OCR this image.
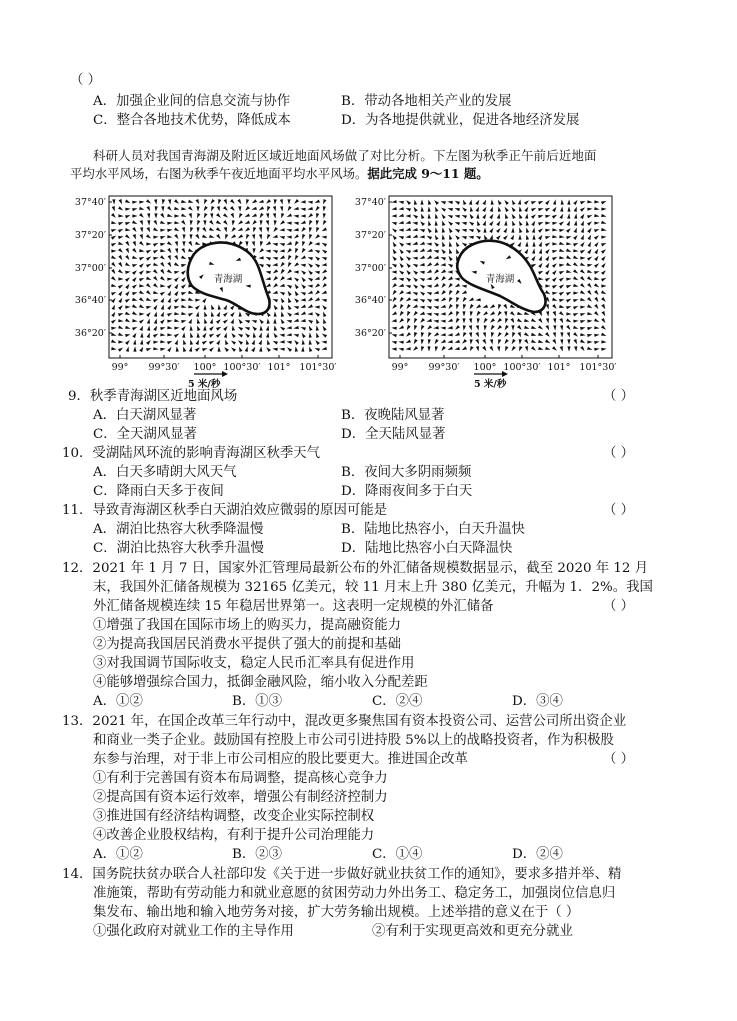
（ ）
A．加强企业间的信息交流与协作	B．带动各地相关产业的发展
C．整合各地技术优势，降低成本	D．为各地提供就业，促进各地经济发展
科研人员对我国青海湖及附近区域近地面风场做了对比分析。下左图为秋季正午前后近地面
平均水平风场，右图为秋季午夜近地面平均水平风场。据此完成 9～11 题。
37°40′
37°20′
37°00′
36°40′
36°20′
99° 99°30′ 100° 100°30′ 101° 101°30′
青海湖
5 米/秒
37°40′
37°20′
37°00′
36°40′
36°20′
99° 99°30′ 100° 100°30′ 101° 101°30′
青海湖
5 米/秒
9．秋季青海湖区近地面风场	（ ）
A．白天湖风显著	B．夜晚陆风显著
C．全天湖风显著	D．全天陆风显著
10．受湖陆风环流的影响青海湖区秋季天气	（ ）
A．白天多晴朗大风天气	B．夜间大多阴雨频频
C．降雨白天多于夜间	D．降雨夜间多于白天
11．导致青海湖区秋季白天湖泊效应微弱的原因可能是	（ ）
A．湖泊比热容大秋季降温慢	B．陆地比热容小，白天升温快
C．湖泊比热容大秋季升温慢	D．陆地比热容小白天降温快
12．2021 年 1 月 7 日，国家外汇管理局最新公布的外汇储备规模数据显示，截至 2020 年 12 月
末，我国外汇储备规模为 32165 亿美元，较 11 月末上升 380 亿美元，升幅为 1．2%。我国
外汇储备规模连续 15 年稳居世界第一。这表明一定规模的外汇储备	（ ）
①增强了我国在国际市场上的购买力，提高融资能力
②为提高我国居民消费水平提供了强大的前提和基础
③对我国调节国际收支，稳定人民币汇率具有促进作用
④能够增强综合国力，抵御金融风险，缩小收入分配差距
A．①②	B．①③	C．②④	D．③④
13．2021 年，在国企改革三年行动中，混改更多聚焦国有资本投资公司、运营公司所出资企业
和商业一类子企业。鼓励国有控股上市公司引进持股 5%以上的战略投资者，作为积极股
东参与治理，对于非上市公司相应的股比要更大。推进国企改革	（ ）
①有利于完善国有资本布局调整，提高核心竞争力
②提高国有资本运行效率，增强公有制经济控制力
③推进国有经济结构调整，改变企业实际控制权
④改善企业股权结构，有利于提升公司治理能力
A．①②	B．②③	C．①④	D．②④
14．国务院扶贫办联合人社部印发《关于进一步做好就业扶贫工作的通知》，要求多措并举、精
准施策，帮助有劳动能力和就业意愿的贫困劳动力外出务工、稳定务工，加强岗位信息归
集发布、输出地和输入地劳务对接，扩大劳务输出规模。上述举措的意义在于（ ）
①强化政府对就业工作的主导作用	②有利于实现更高效和更充分就业
